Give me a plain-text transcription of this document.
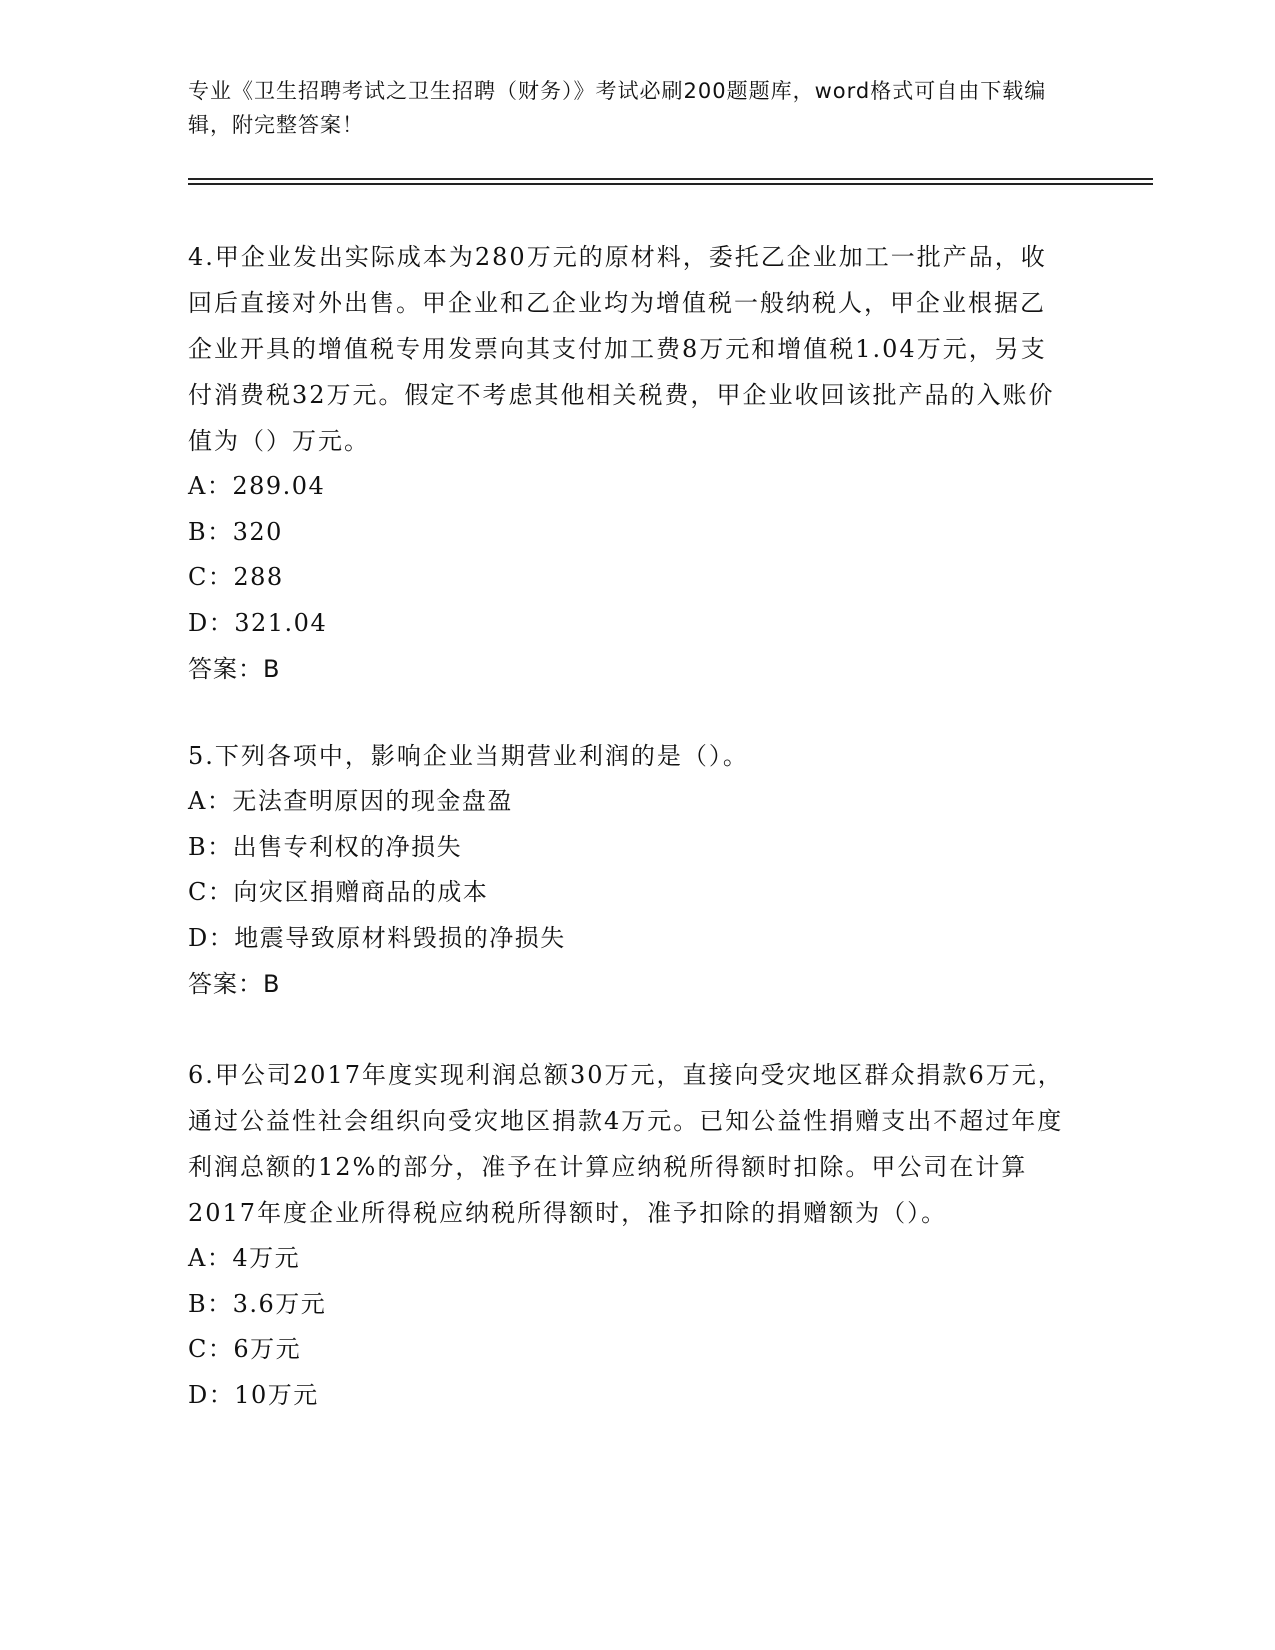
专业《卫生招聘考试之卫生招聘（财务）》考试必刷200题题库，word格式可自由下载编辑，附完整答案！

4.甲企业发出实际成本为280万元的原材料，委托乙企业加工一批产品，收回后直接对外出售。甲企业和乙企业均为增值税一般纳税人，甲企业根据乙企业开具的增值税专用发票向其支付加工费8万元和增值税1.04万元，另支付消费税32万元。假定不考虑其他相关税费，甲企业收回该批产品的入账价值为（）万元。

A：289.04

B：320

C：288

D：321.04

答案：B

5.下列各项中，影响企业当期营业利润的是（）。

A：无法查明原因的现金盘盈

B：出售专利权的净损失

C：向灾区捐赠商品的成本

D：地震导致原材料毁损的净损失

答案：B

6.甲公司2017年度实现利润总额30万元，直接向受灾地区群众捐款6万元，通过公益性社会组织向受灾地区捐款4万元。已知公益性捐赠支出不超过年度利润总额的12%的部分，准予在计算应纳税所得额时扣除。甲公司在计算2017年度企业所得税应纳税所得额时，准予扣除的捐赠额为（）。

A：4万元

B：3.6万元

C：6万元

D：10万元
